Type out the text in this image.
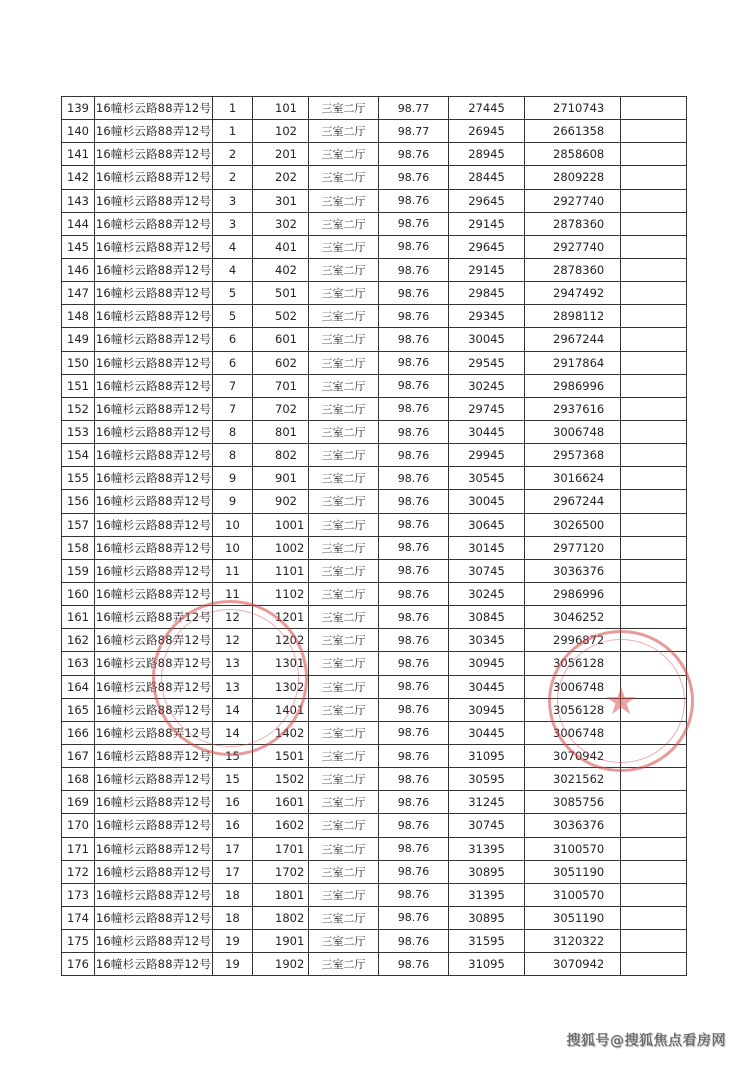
139	16幢杉云路88弄12号	1	101	三室二厅	98.77	27445	2710743	
140	16幢杉云路88弄12号	1	102	三室二厅	98.77	26945	2661358	
141	16幢杉云路88弄12号	2	201	三室二厅	98.76	28945	2858608	
142	16幢杉云路88弄12号	2	202	三室二厅	98.76	28445	2809228	
143	16幢杉云路88弄12号	3	301	三室二厅	98.76	29645	2927740	
144	16幢杉云路88弄12号	3	302	三室二厅	98.76	29145	2878360	
145	16幢杉云路88弄12号	4	401	三室二厅	98.76	29645	2927740	
146	16幢杉云路88弄12号	4	402	三室二厅	98.76	29145	2878360	
147	16幢杉云路88弄12号	5	501	三室二厅	98.76	29845	2947492	
148	16幢杉云路88弄12号	5	502	三室二厅	98.76	29345	2898112	
149	16幢杉云路88弄12号	6	601	三室二厅	98.76	30045	2967244	
150	16幢杉云路88弄12号	6	602	三室二厅	98.76	29545	2917864	
151	16幢杉云路88弄12号	7	701	三室二厅	98.76	30245	2986996	
152	16幢杉云路88弄12号	7	702	三室二厅	98.76	29745	2937616	
153	16幢杉云路88弄12号	8	801	三室二厅	98.76	30445	3006748	
154	16幢杉云路88弄12号	8	802	三室二厅	98.76	29945	2957368	
155	16幢杉云路88弄12号	9	901	三室二厅	98.76	30545	3016624	
156	16幢杉云路88弄12号	9	902	三室二厅	98.76	30045	2967244	
157	16幢杉云路88弄12号	10	1001	三室二厅	98.76	30645	3026500	
158	16幢杉云路88弄12号	10	1002	三室二厅	98.76	30145	2977120	
159	16幢杉云路88弄12号	11	1101	三室二厅	98.76	30745	3036376	
160	16幢杉云路88弄12号	11	1102	三室二厅	98.76	30245	2986996	
161	16幢杉云路88弄12号	12	1201	三室二厅	98.76	30845	3046252	
162	16幢杉云路88弄12号	12	1202	三室二厅	98.76	30345	2996872	
163	16幢杉云路88弄12号	13	1301	三室二厅	98.76	30945	3056128	
164	16幢杉云路88弄12号	13	1302	三室二厅	98.76	30445	3006748	
165	16幢杉云路88弄12号	14	1401	三室二厅	98.76	30945	3056128	
166	16幢杉云路88弄12号	14	1402	三室二厅	98.76	30445	3006748	
167	16幢杉云路88弄12号	15	1501	三室二厅	98.76	31095	3070942	
168	16幢杉云路88弄12号	15	1502	三室二厅	98.76	30595	3021562	
169	16幢杉云路88弄12号	16	1601	三室二厅	98.76	31245	3085756	
170	16幢杉云路88弄12号	16	1602	三室二厅	98.76	30745	3036376	
171	16幢杉云路88弄12号	17	1701	三室二厅	98.76	31395	3100570	
172	16幢杉云路88弄12号	17	1702	三室二厅	98.76	30895	3051190	
173	16幢杉云路88弄12号	18	1801	三室二厅	98.76	31395	3100570	
174	16幢杉云路88弄12号	18	1802	三室二厅	98.76	30895	3051190	
175	16幢杉云路88弄12号	19	1901	三室二厅	98.76	31595	3120322	
176	16幢杉云路88弄12号	19	1902	三室二厅	98.76	31095	3070942	
★
搜狐号@搜狐焦点看房网
